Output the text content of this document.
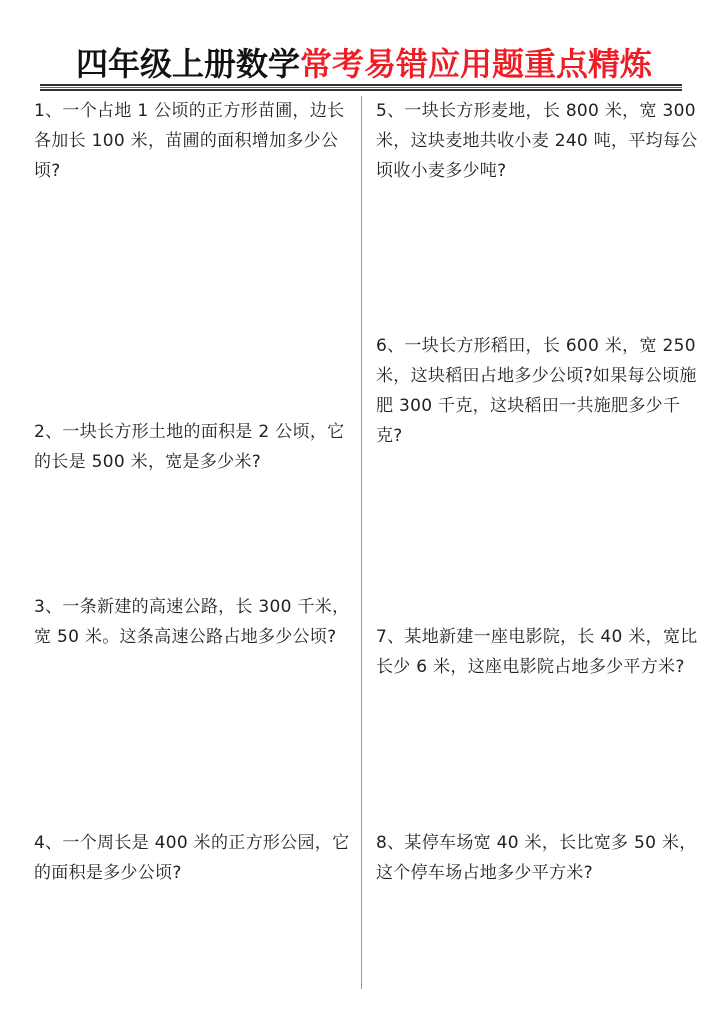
四年级上册数学常考易错应用题重点精炼
1、一个占地 1 公顷的正方形苗圃，边长各加长 100 米，苗圃的面积增加多少公顷?
2、一块长方形土地的面积是 2 公顷，它的长是 500 米，宽是多少米?
3、一条新建的高速公路，长 300 千米，宽 50 米。这条高速公路占地多少公顷?
4、一个周长是 400 米的正方形公园，它的面积是多少公顷?
5、一块长方形麦地，长 800 米，宽 300 米，这块麦地共收小麦 240 吨，平均每公顷收小麦多少吨?
6、一块长方形稻田，长 600 米，宽 250 米，这块稻田占地多少公顷?如果每公顷施肥 300 千克，这块稻田一共施肥多少千克?
7、某地新建一座电影院，长 40 米，宽比长少 6 米，这座电影院占地多少平方米?
8、某停车场宽 40 米，长比宽多 50 米，这个停车场占地多少平方米?
